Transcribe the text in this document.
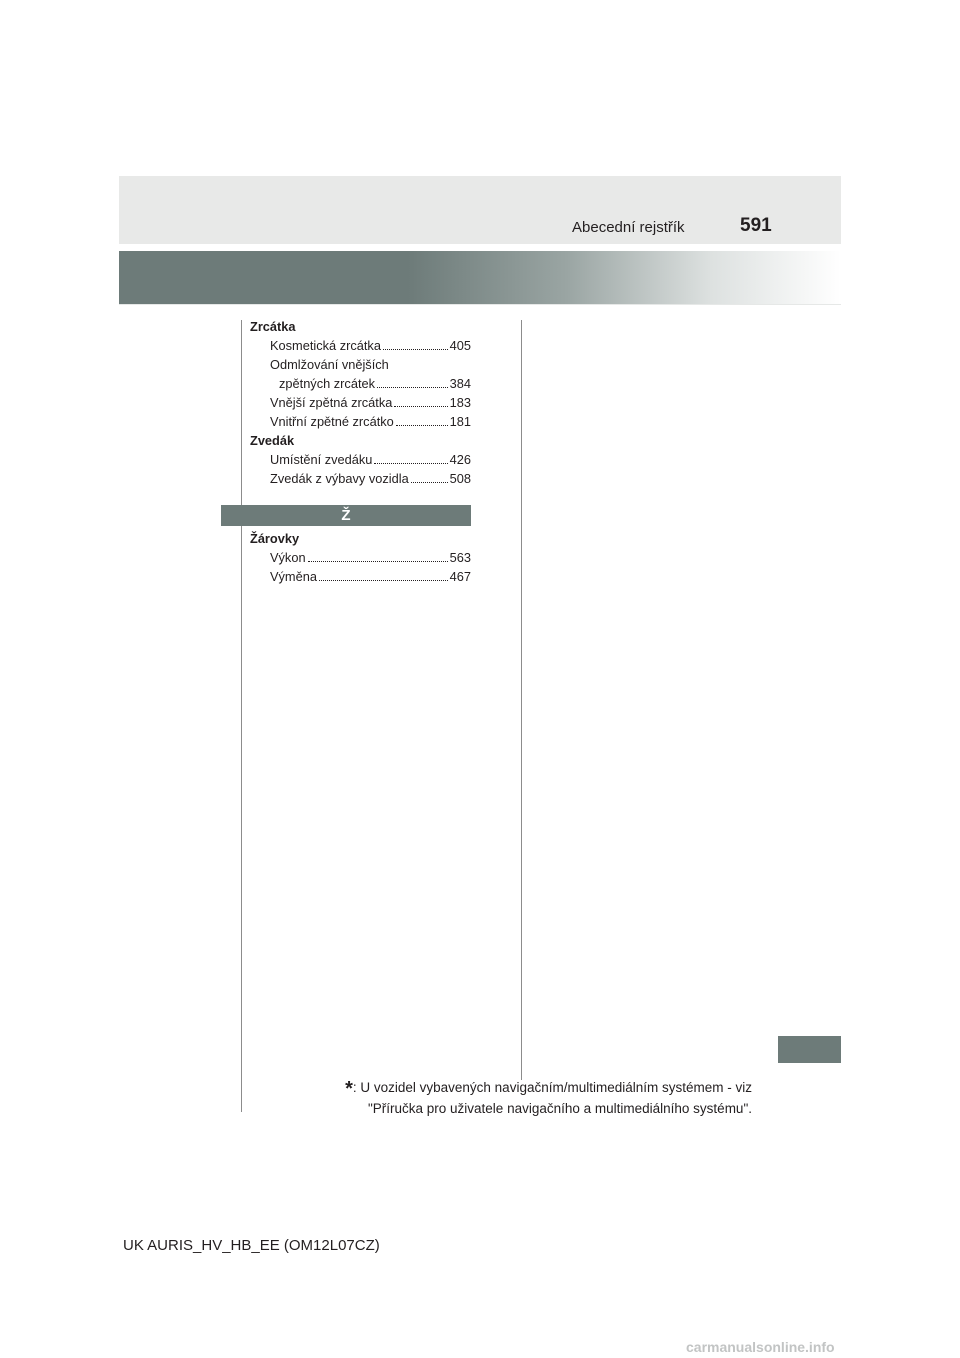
Abecední rejstřík	591
Zrcátka
Kosmetická zrcátka	405
Odmlžování vnějších
zpětných zrcátek	384
Vnější zpětná zrcátka	183
Vnitřní zpětné zrcátko	181
Zvedák
Umístění zvedáku	426
Zvedák z výbavy vozidla	508
Ž
Žárovky
Výkon	563
Výměna	467
*: U vozidel vybavených navigačním/multimediálním systémem - viz
"Příručka pro uživatele navigačního a multimediálního systému".
UK AURIS_HV_HB_EE (OM12L07CZ)
carmanualsonline.info
